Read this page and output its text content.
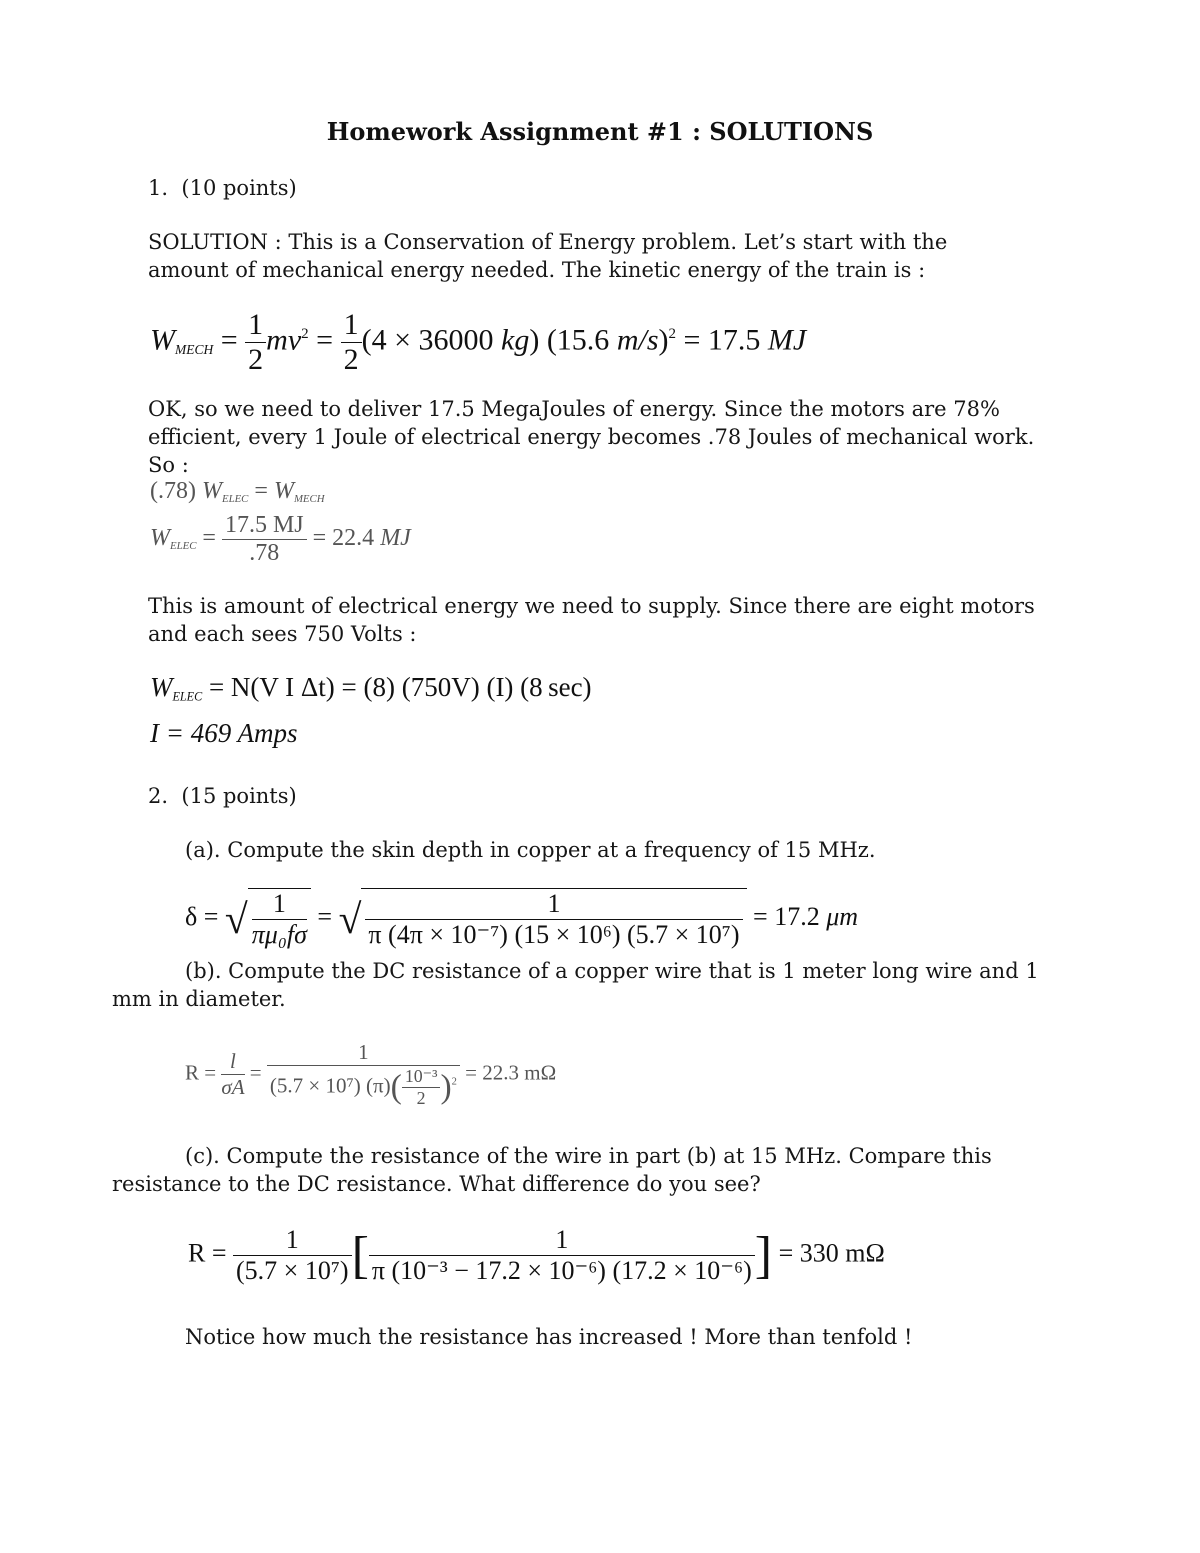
Homework Assignment #1 : SOLUTIONS
1.  (10 points)
SOLUTION : This is a Conservation of Energy problem. Let’s start with the amount of mechanical energy needed. The kinetic energy of the train is :
$W_{MECH} = \frac{1}{2} mv^2 = \frac{1}{2} (4 \times 36000$ kg) (15.6 m/s)$^2$ = 17.5 MJ
OK, so we need to deliver 17.5 MegaJoules of energy. Since the motors are 78% efficient, every 1 Joule of electrical energy becomes .78 Joules of mechanical work. So :
(.78) $W_{ELEC} = W_{MECH}$
$W_{ELEC} = \frac{17.5 MJ}{.78} = 22.4$ MJ
This is amount of electrical energy we need to supply. Since there are eight motors and each sees 750 Volts :
$W_{ELEC} = N(V$ I Δt) = (8) (750V) (I) (8 sec)
I = 469 Amps
2.  (15 points)
(a). Compute the skin depth in copper at a frequency of 15 MHz.
δ = √ $\frac{1}{\text{πμ₀fσ}}$ = √ $\frac{1}{\text{π (4π × 10⁻⁷) (15 × 10⁶) (5.7 × 10⁷)}} = 17.2$ μm
(b). Compute the DC resistance of a copper wire that is 1 meter long wire and 1 mm in diameter.
$R = \frac{l}{\sigma A} = \frac{1}{(5.7 \times 10^7) (\pi)( \frac{\text{10⁻³}}{2} )^2} = 22.3$ mΩ
(c). Compute the resistance of the wire in part (b) at 15 MHz. Compare this resistance to the DC resistance. What difference do you see?
$R = \frac{1}{\text{(5.7 × 10⁷)}}$ [ $\frac{1}{\text{π (10⁻³ − 17.2 × 10⁻⁶) (17.2 × 10⁻⁶)}}$ ] = 330 mΩ
Notice how much the resistance has increased ! More than tenfold !
